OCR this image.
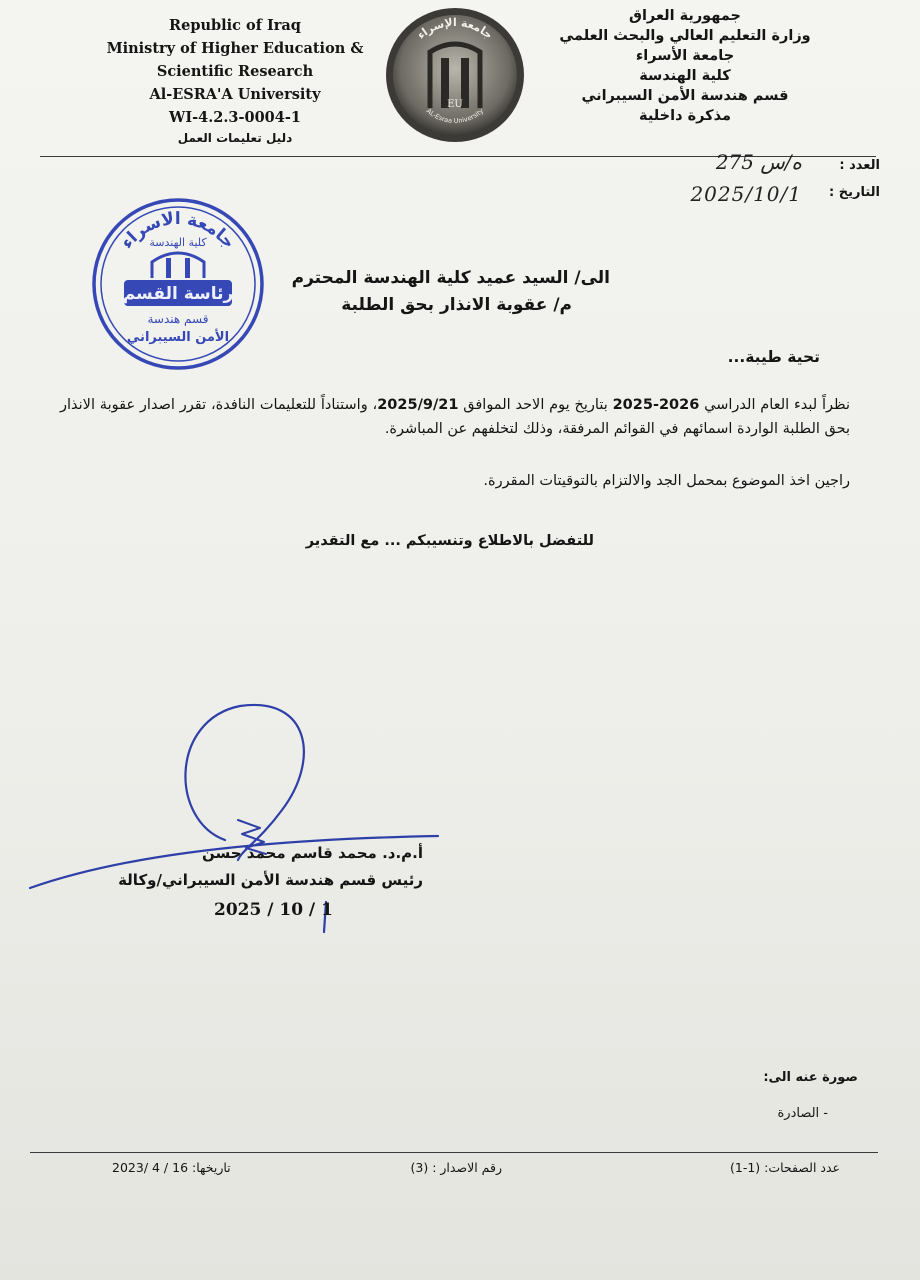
Republic of Iraq
Ministry of Higher Education &
Scientific Research
Al-ESRA'A University
WI-4.2.3-0004-1
دليل تعليمات العمل
جامعة الإسراء
EU
AL-Esraa University
جمهورية العراق
وزارة التعليم العالي والبحث العلمي
جامعة الأسراء
كلية الهندسة
قسم هندسة الأمن السيبراني
مذكرة داخلية
العدد :
275 ه/س
التاريخ :
2025/10/1
جامعة الاسراء
كلية الهندسة
رئاسة القسم
قسم هندسة
الأمن السيبراني
الى/ السيد عميد كلية الهندسة المحترم
م/ عقوبة الانذار بحق الطلبة
تحية طيبة...
نظراً لبدء العام الدراسي 2026-2025 بتاريخ يوم الاحد الموافق 2025/9/21، واستناداً للتعليمات النافدة، تقرر اصدار عقوبة الانذار بحق الطلبة الواردة اسمائهم في القوائم المرفقة، وذلك لتخلفهم عن المباشرة.
راجين اخذ الموضوع بمحمل الجد والالتزام بالتوقيتات المقررة.
للتفضل بالاطلاع وتنسيبكم ... مع التقدير
أ.م.د. محمد قاسم محمد حسن
رئيس قسم هندسة الأمن السيبراني/وكالة
2025 / 10 / 1
صورة عنه الى:
- الصادرة
عدد الصفحات: (1-1)
رقم الاصدار : (3)
تاريخها: 16 / 4 /2023
